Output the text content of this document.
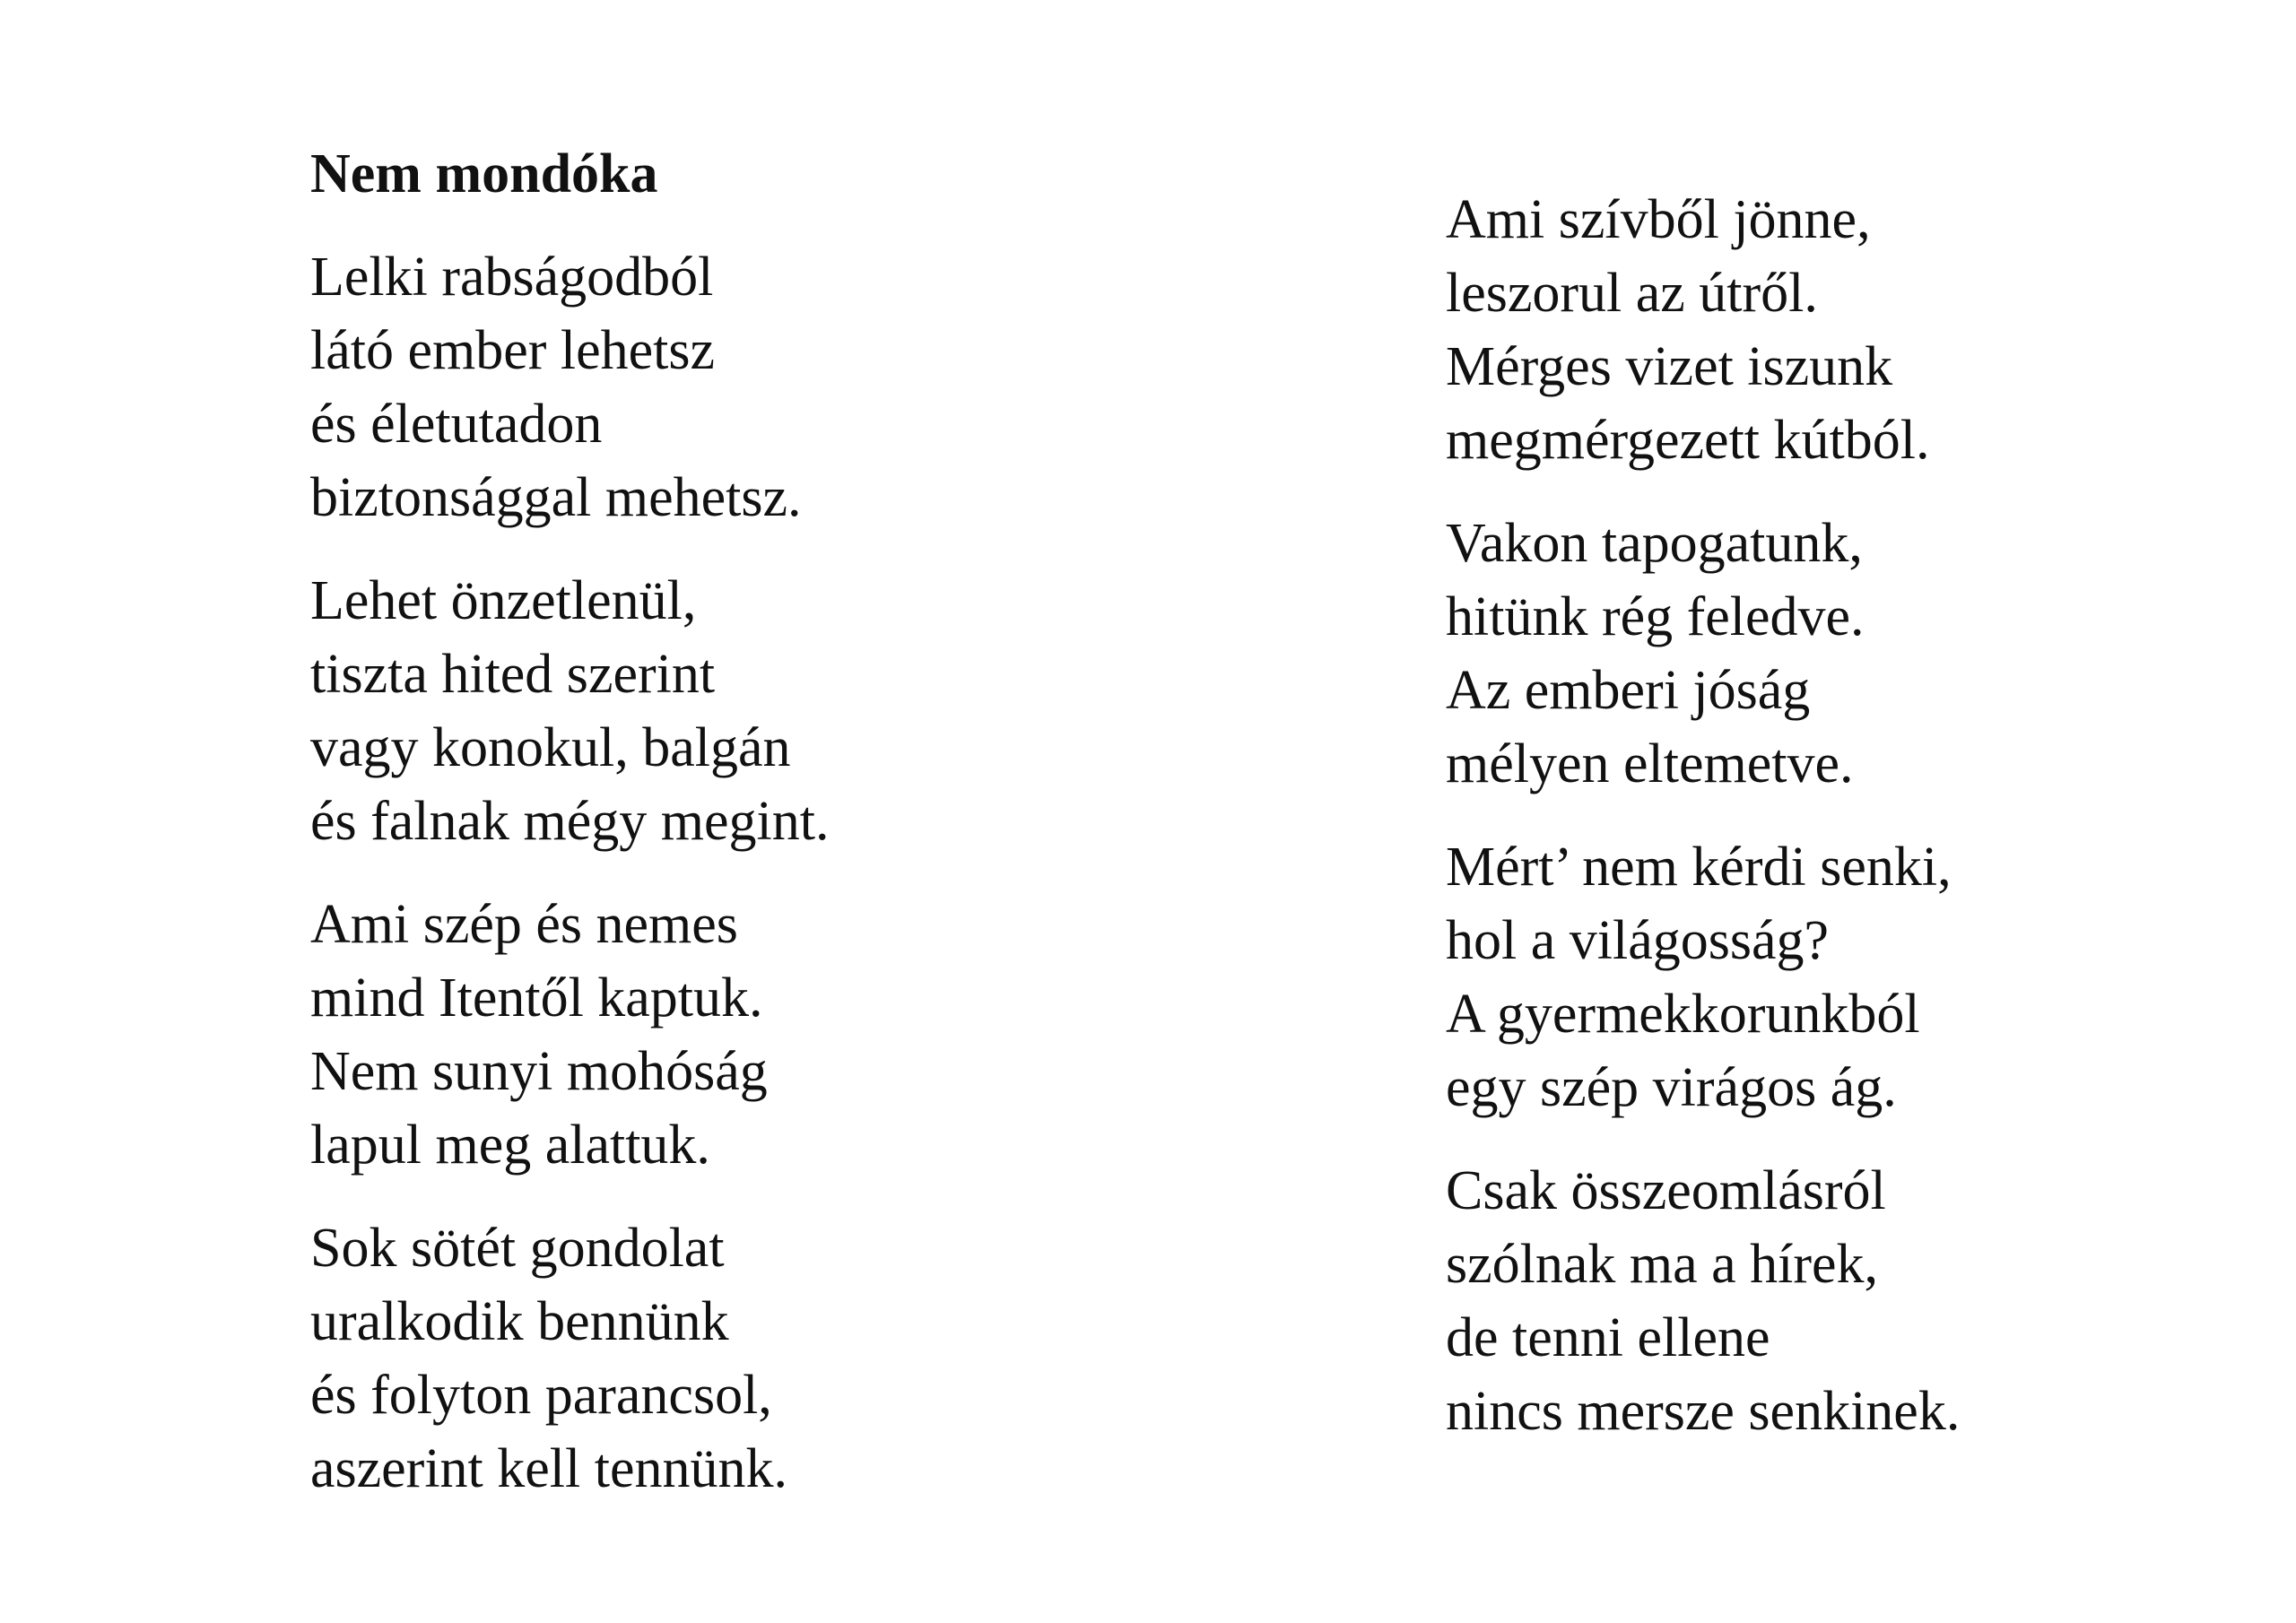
Nem mondóka
Lelki rabságodból
látó ember lehetsz
és életutadon
biztonsággal mehetsz.
Lehet önzetlenül,
tiszta hited szerint
vagy konokul, balgán
és falnak mégy megint.
Ami szép és nemes
mind Itentől kaptuk.
Nem sunyi mohóság
lapul meg alattuk.
Sok sötét gondolat
uralkodik bennünk
és folyton parancsol,
aszerint kell tennünk.
Ami szívből jönne,
leszorul az útről.
Mérges vizet iszunk
megmérgezett kútból.
Vakon tapogatunk,
hitünk rég feledve.
Az emberi jóság
mélyen eltemetve.
Mért’ nem kérdi senki,
hol a világosság?
A gyermekkorunkból
egy szép virágos ág.
Csak összeomlásról
szólnak ma a hírek,
de tenni ellene
nincs mersze senkinek.
